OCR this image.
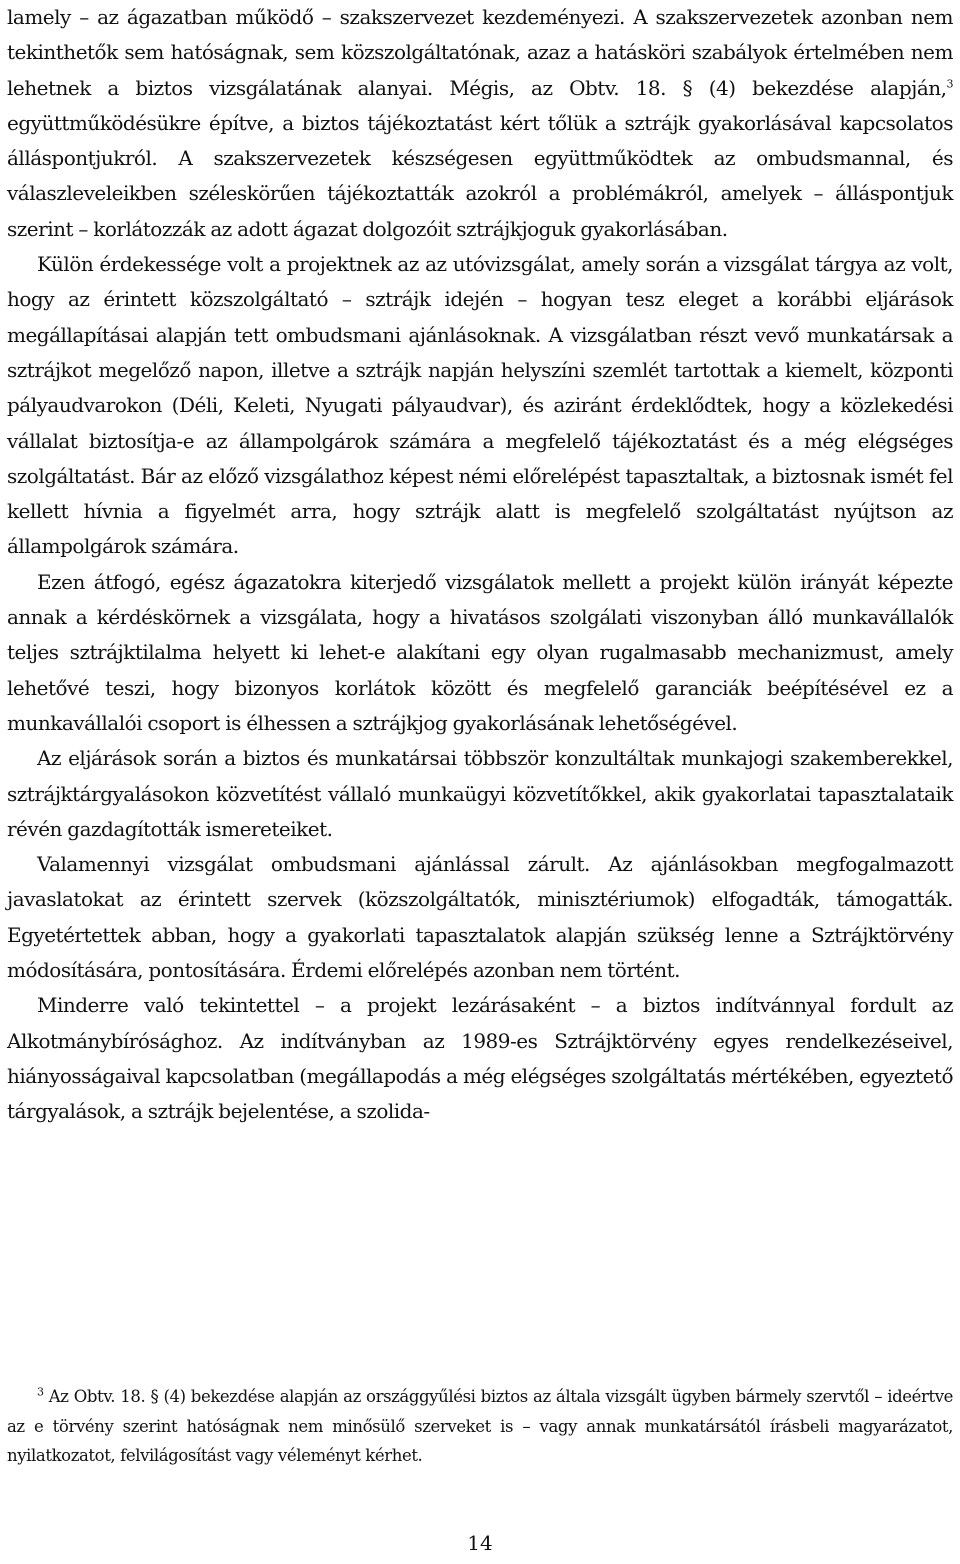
lamely – az ágazatban működő – szakszervezet kezdeményezi. A szakszervezetek azonban nem tekinthetők sem hatóságnak, sem közszolgáltatónak, azaz a hatásköri szabályok értelmében nem lehetnek a biztos vizsgálatának alanyai. Mégis, az Obtv. 18. § (4) bekezdése alapján,$^3$ együttműködésükre építve, a biztos tájékoztatást kért tőlük a sztrájk gyakorlásával kapcsolatos álláspontjukról. A szakszervezetek készségesen együttműködtek az ombudsmannal, és válaszleveleikben széleskörűen tájékoztatták azokról a problémákról, amelyek – álláspontjuk szerint – korlátozzák az adott ágazat dolgozóit sztrájkjoguk gyakorlásában.

Külön érdekessége volt a projektnek az az utóvizsgálat, amely során a vizsgálat tárgya az volt, hogy az érintett közszolgáltató – sztrájk idején – hogyan tesz eleget a korábbi eljárások megállapításai alapján tett ombudsmani ajánlásoknak. A vizsgálatban részt vevő munkatársak a sztrájkot megelőző napon, illetve a sztrájk napján helyszíni szemlét tartottak a kiemelt, központi pályaudvarokon (Déli, Keleti, Nyugati pályaudvar), és aziránt érdeklődtek, hogy a közlekedési vállalat biztosítja-e az állampolgárok számára a megfelelő tájékoztatást és a még elégséges szolgáltatást. Bár az előző vizsgálathoz képest némi előrelépést tapasztaltak, a biztosnak ismét fel kellett hívnia a figyelmét arra, hogy sztrájk alatt is megfelelő szolgáltatást nyújtson az állampolgárok számára.

Ezen átfogó, egész ágazatokra kiterjedő vizsgálatok mellett a projekt külön irányát képezte annak a kérdéskörnek a vizsgálata, hogy a hivatásos szolgálati viszonyban álló munkavállalók teljes sztrájktilalma helyett ki lehet-e alakítani egy olyan rugalmasabb mechanizmust, amely lehetővé teszi, hogy bizonyos korlátok között és megfelelő garanciák beépítésével ez a munkavállalói csoport is élhessen a sztrájkjog gyakorlásának lehetőségével.

Az eljárások során a biztos és munkatársai többször konzultáltak munkajogi szakemberekkel, sztrájktárgyalásokon közvetítést vállaló munkaügyi közvetítőkkel, akik gyakorlatai tapasztalataik révén gazdagították ismereteiket.

Valamennyi vizsgálat ombudsmani ajánlással zárult. Az ajánlásokban megfogalmazott javaslatokat az érintett szervek (közszolgáltatók, minisztériumok) elfogadták, támogatták. Egyetértettek abban, hogy a gyakorlati tapasztalatok alapján szükség lenne a Sztrájktörvény módosítására, pontosítására. Érdemi előrelépés azonban nem történt.

Minderre való tekintettel – a projekt lezárásaként – a biztos indítvánnyal fordult az Alkotmánybírósághoz. Az indítványban az 1989-es Sztrájktörvény egyes rendelkezéseivel, hiányosságaival kapcsolatban (megállapodás a még elégséges szolgáltatás mértékében, egyeztető tárgyalások, a sztrájk bejelentése, a szolida-

$^3$ Az Obtv. 18. § (4) bekezdése alapján az országgyűlési biztos az általa vizsgált ügyben bármely szervtől – ideértve az e törvény szerint hatóságnak nem minősülő szerveket is – vagy annak munkatársától írásbeli magyarázatot, nyilatkozatot, felvilágosítást vagy véleményt kérhet.

14
